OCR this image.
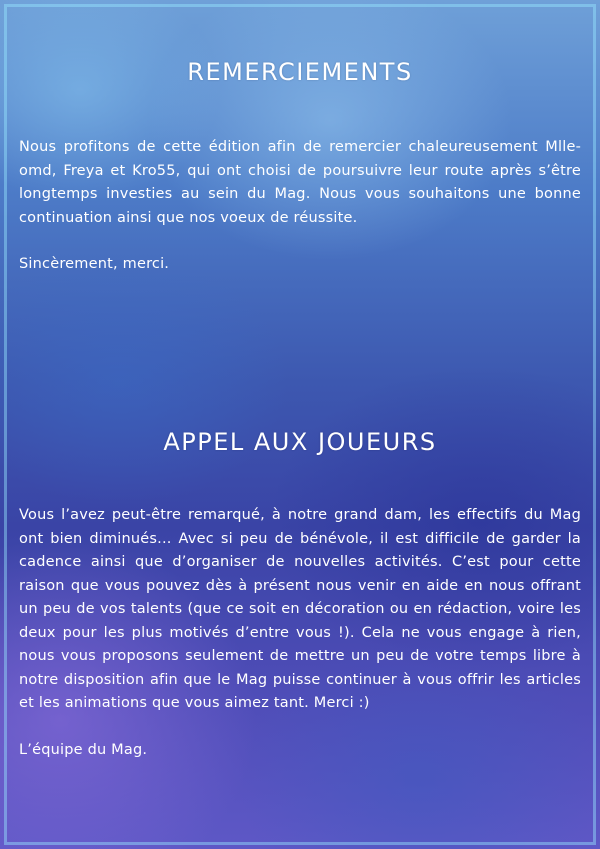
REMERCIEMENTS

Nous profitons de cette édition afin de remercier chaleureusement Mlle-omd, Freya et Kro55, qui ont choisi de poursuivre leur route après s’être longtemps investies au sein du Mag. Nous vous souhaitons une bonne continuation ainsi que nos voeux de réussite.

Sincèrement, merci.

APPEL AUX JOUEURS

Vous l’avez peut-être remarqué, à notre grand dam, les effectifs du Mag ont bien diminués... Avec si peu de bénévole, il est difficile de garder la cadence ainsi que d’organiser de nouvelles activités. C’est pour cette raison que vous pouvez dès à présent nous venir en aide en nous offrant un peu de vos talents (que ce soit en décoration ou en rédaction, voire les deux pour les plus motivés d’entre vous !). Cela ne vous engage à rien, nous vous proposons seulement de mettre un peu de votre temps libre à notre disposition afin que le Mag puisse continuer à vous offrir les articles et les animations que vous aimez tant. Merci :)

L’équipe du Mag.
